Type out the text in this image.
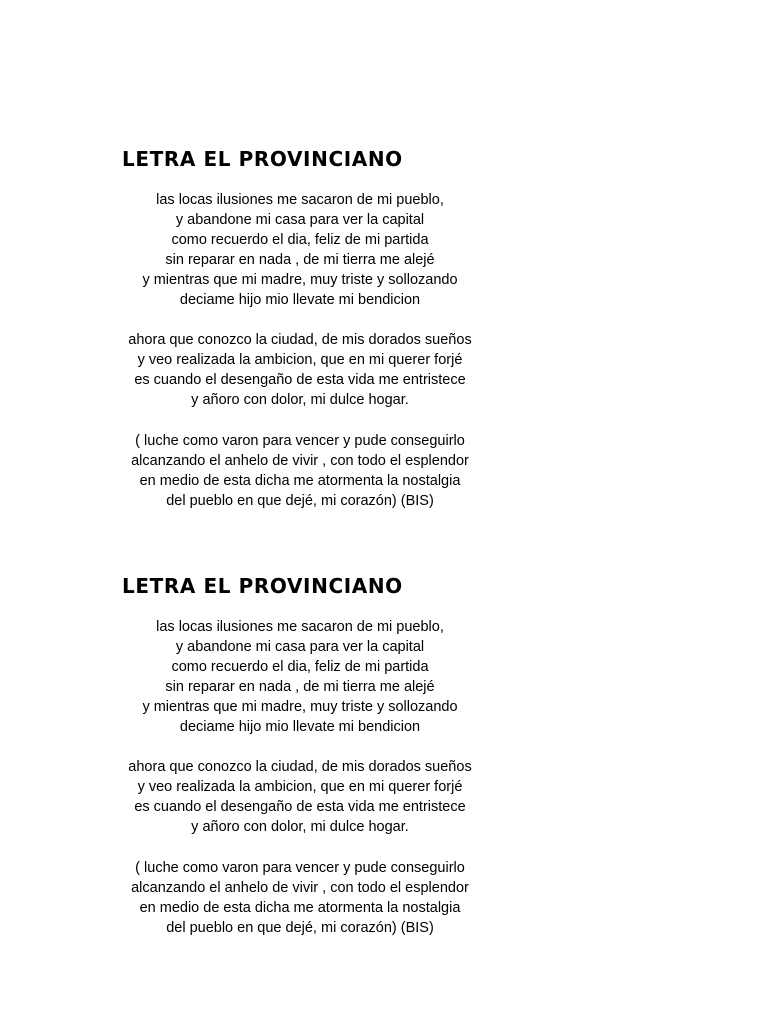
LETRA EL PROVINCIANO
las locas ilusiones me sacaron de mi pueblo,
y abandone mi casa para ver la capital
como recuerdo el dia, feliz de mi partida
sin reparar en nada , de mi tierra me alejé
y mientras que mi madre, muy triste y sollozando
deciame hijo mio llevate mi bendicion
ahora que conozco la ciudad, de mis dorados sueños
y veo realizada la ambicion, que en mi querer forjé
es cuando el desengaño de esta vida me entristece
y añoro con dolor, mi dulce hogar.
( luche como varon para vencer y pude conseguirlo
alcanzando el anhelo de vivir , con todo el esplendor
en medio de esta dicha me atormenta la nostalgia
del pueblo en que dejé, mi corazón) (BIS)
LETRA EL PROVINCIANO
las locas ilusiones me sacaron de mi pueblo,
y abandone mi casa para ver la capital
como recuerdo el dia, feliz de mi partida
sin reparar en nada , de mi tierra me alejé
y mientras que mi madre, muy triste y sollozando
deciame hijo mio llevate mi bendicion
ahora que conozco la ciudad, de mis dorados sueños
y veo realizada la ambicion, que en mi querer forjé
es cuando el desengaño de esta vida me entristece
y añoro con dolor, mi dulce hogar.
( luche como varon para vencer y pude conseguirlo
alcanzando el anhelo de vivir , con todo el esplendor
en medio de esta dicha me atormenta la nostalgia
del pueblo en que dejé, mi corazón) (BIS)
